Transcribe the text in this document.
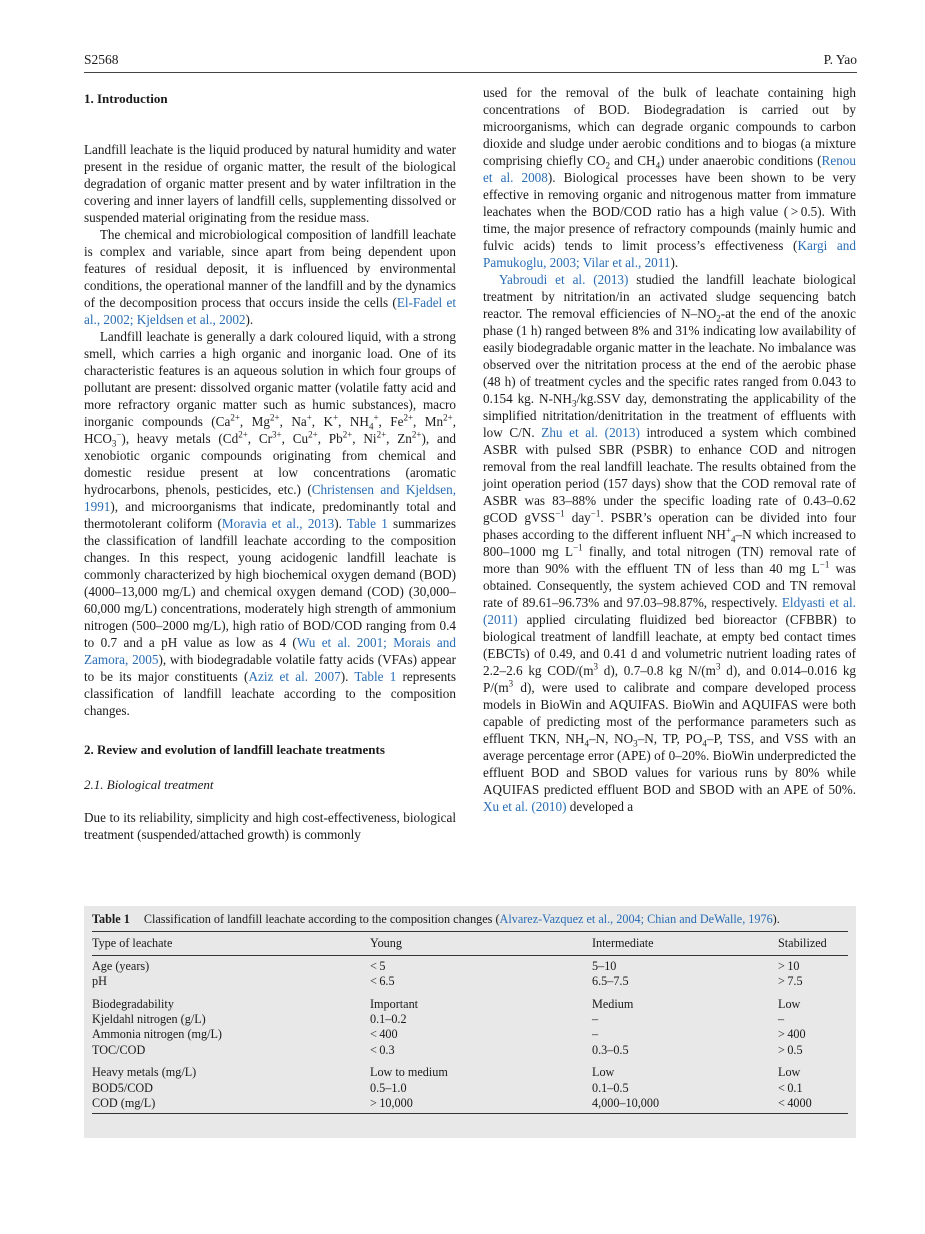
S2568	P. Yao
1. Introduction

Landfill leachate is the liquid produced by natural humidity and water present in the residue of organic matter, the result of the biological degradation of organic matter present and by water infiltration in the covering and inner layers of landfill cells, supplementing dissolved or suspended material originating from the residue mass.

The chemical and microbiological composition of landfill leachate is complex and variable, since apart from being dependent upon features of residual deposit, it is influenced by environmental conditions, the operational manner of the landfill and by the dynamics of the decomposition process that occurs inside the cells (El-Fadel et al., 2002; Kjeldsen et al., 2002).

Landfill leachate is generally a dark coloured liquid, with a strong smell, which carries a high organic and inorganic load. One of its characteristic features is an aqueous solution in which four groups of pollutant are present: dissolved organic matter (volatile fatty acid and more refractory organic matter such as humic substances), macro inorganic compounds ($Ca^{2+}$, $Mg^{2+}$, Na+, K+, $NH_4^+$, $Fe^{2+}$, $Mn^{2+}$, $HCO_3^-$), heavy metals ($Cd^{2+}$, $Cr^{3+}$, $Cu^{2+}$, $Pb^{2+}$, $Ni^{2+}$, $Zn^{2+}$), and xenobiotic organic compounds originating from chemical and domestic residue present at low concentrations (aromatic hydrocarbons, phenols, pesticides, etc.) (Christensen and Kjeldsen, 1991), and microorganisms that indicate, predominantly total and thermotolerant coliform (Moravia et al., 2013). Table 1 summarizes the classification of landfill leachate according to the composition changes. In this respect, young acidogenic landfill leachate is commonly characterized by high biochemical oxygen demand (BOD) (4000–13,000 mg/L) and chemical oxygen demand (COD) (30,000–60,000 mg/L) concentrations, moderately high strength of ammonium nitrogen (500–2000 mg/L), high ratio of BOD/COD ranging from 0.4 to 0.7 and a pH value as low as 4 (Wu et al. 2001; Morais and Zamora, 2005), with biodegradable volatile fatty acids (VFAs) appear to be its major constituents (Aziz et al. 2007). Table 1 represents classification of landfill leachate according to the composition changes.

2. Review and evolution of landfill leachate treatments
2.1. Biological treatment

Due to its reliability, simplicity and high cost-effectiveness, biological treatment (suspended/attached growth) is commonly

used for the removal of the bulk of leachate containing high concentrations of BOD. Biodegradation is carried out by microorganisms, which can degrade organic compounds to carbon dioxide and sludge under aerobic conditions and to biogas (a mixture comprising chiefly $CO_2$ and $CH_4$) under anaerobic conditions (Renou et al. 2008). Biological processes have been shown to be very effective in removing organic and nitrogenous matter from immature leachates when the BOD/COD ratio has a high value ( > 0.5). With time, the major presence of refractory compounds (mainly humic and fulvic acids) tends to limit process’s effectiveness (Kargi and Pamukoglu, 2003; Vilar et al., 2011).

Yabroudi et al. (2013) studied the landfill leachate biological treatment by nitritation/in an activated sludge sequencing batch reactor. The removal efficiencies of $N-NO_2-at$ the end of the anoxic phase (1 h) ranged between 8% and 31% indicating low availability of easily biodegradable organic matter in the leachate. No imbalance was observed over the nitritation process at the end of the aerobic phase (48 h) of treatment cycles and the specific rates ranged from 0.043 to 0.154 kg. $N-NH_3/kg.SSV$ day, demonstrating the applicability of the simplified nitritation/denitritation in the treatment of effluents with low C/N. Zhu et al. (2013) introduced a system which combined ASBR with pulsed SBR (PSBR) to enhance COD and nitrogen removal from the real landfill leachate. The results obtained from the joint operation period (157 days) show that the COD removal rate of ASBR was 83–88% under the specific loading rate of 0.43–0.62 gCOD gVSS$^{-1}$ day$^{-1}$. PSBR’s operation can be divided into four phases according to the different influent $NH^+_4-N$ which increased to 800–1000 mg $L^{-1}$ finally, and total nitrogen (TN) removal rate of more than 90% with the effluent TN of less than 40 mg $L^{-1}$ was obtained. Consequently, the system achieved COD and TN removal rate of 89.61–96.73% and 97.03–98.87%, respectively. Eldyasti et al. (2011) applied circulating fluidized bed bioreactor (CFBBR) to biological treatment of landfill leachate, at empty bed contact times (EBCTs) of 0.49, and 0.41 d and volumetric nutrient loading rates of 2.2–2.6 kg COD/($m^3$ d), 0.7–0.8 kg $N/(m^3$ d), and 0.014–0.016 kg $P/(m^3$ d), were used to calibrate and compare developed process models in BioWin and AQUIFAS. BioWin and AQUIFAS were both capable of predicting most of the performance parameters such as effluent TKN, $NH_4-N$, $NO_3-N$, TP, $PO_4-P$, TSS, and VSS with an average percentage error (APE) of 0–20%. BioWin underpredicted the effluent BOD and SBOD values for various runs by 80% while AQUIFAS predicted effluent BOD and SBOD with an APE of 50%. Xu et al. (2010) developed a

Table 1 Classification of landfill leachate according to the composition changes (Alvarez-Vazquez et al., 2004; Chian and DeWalle, 1976).
Type of leachate	Young	Intermediate	Stabilized

Age (years)	< 5	5–10	> 10
pH	< 6.5	6.5–7.5	> 7.5
Biodegradability	Important	Medium	Low
Kjeldahl nitrogen (g/L)	0.1–0.2	–	–
Ammonia nitrogen (mg/L)	< 400	–	> 400
TOC/COD	< 0.3	0.3–0.5	> 0.5
Heavy metals (mg/L)	Low to medium	Low	Low
BOD5/COD	0.5–1.0	0.1–0.5	< 0.1
COD (mg/L)	> 10,000	4,000–10,000	< 4000
